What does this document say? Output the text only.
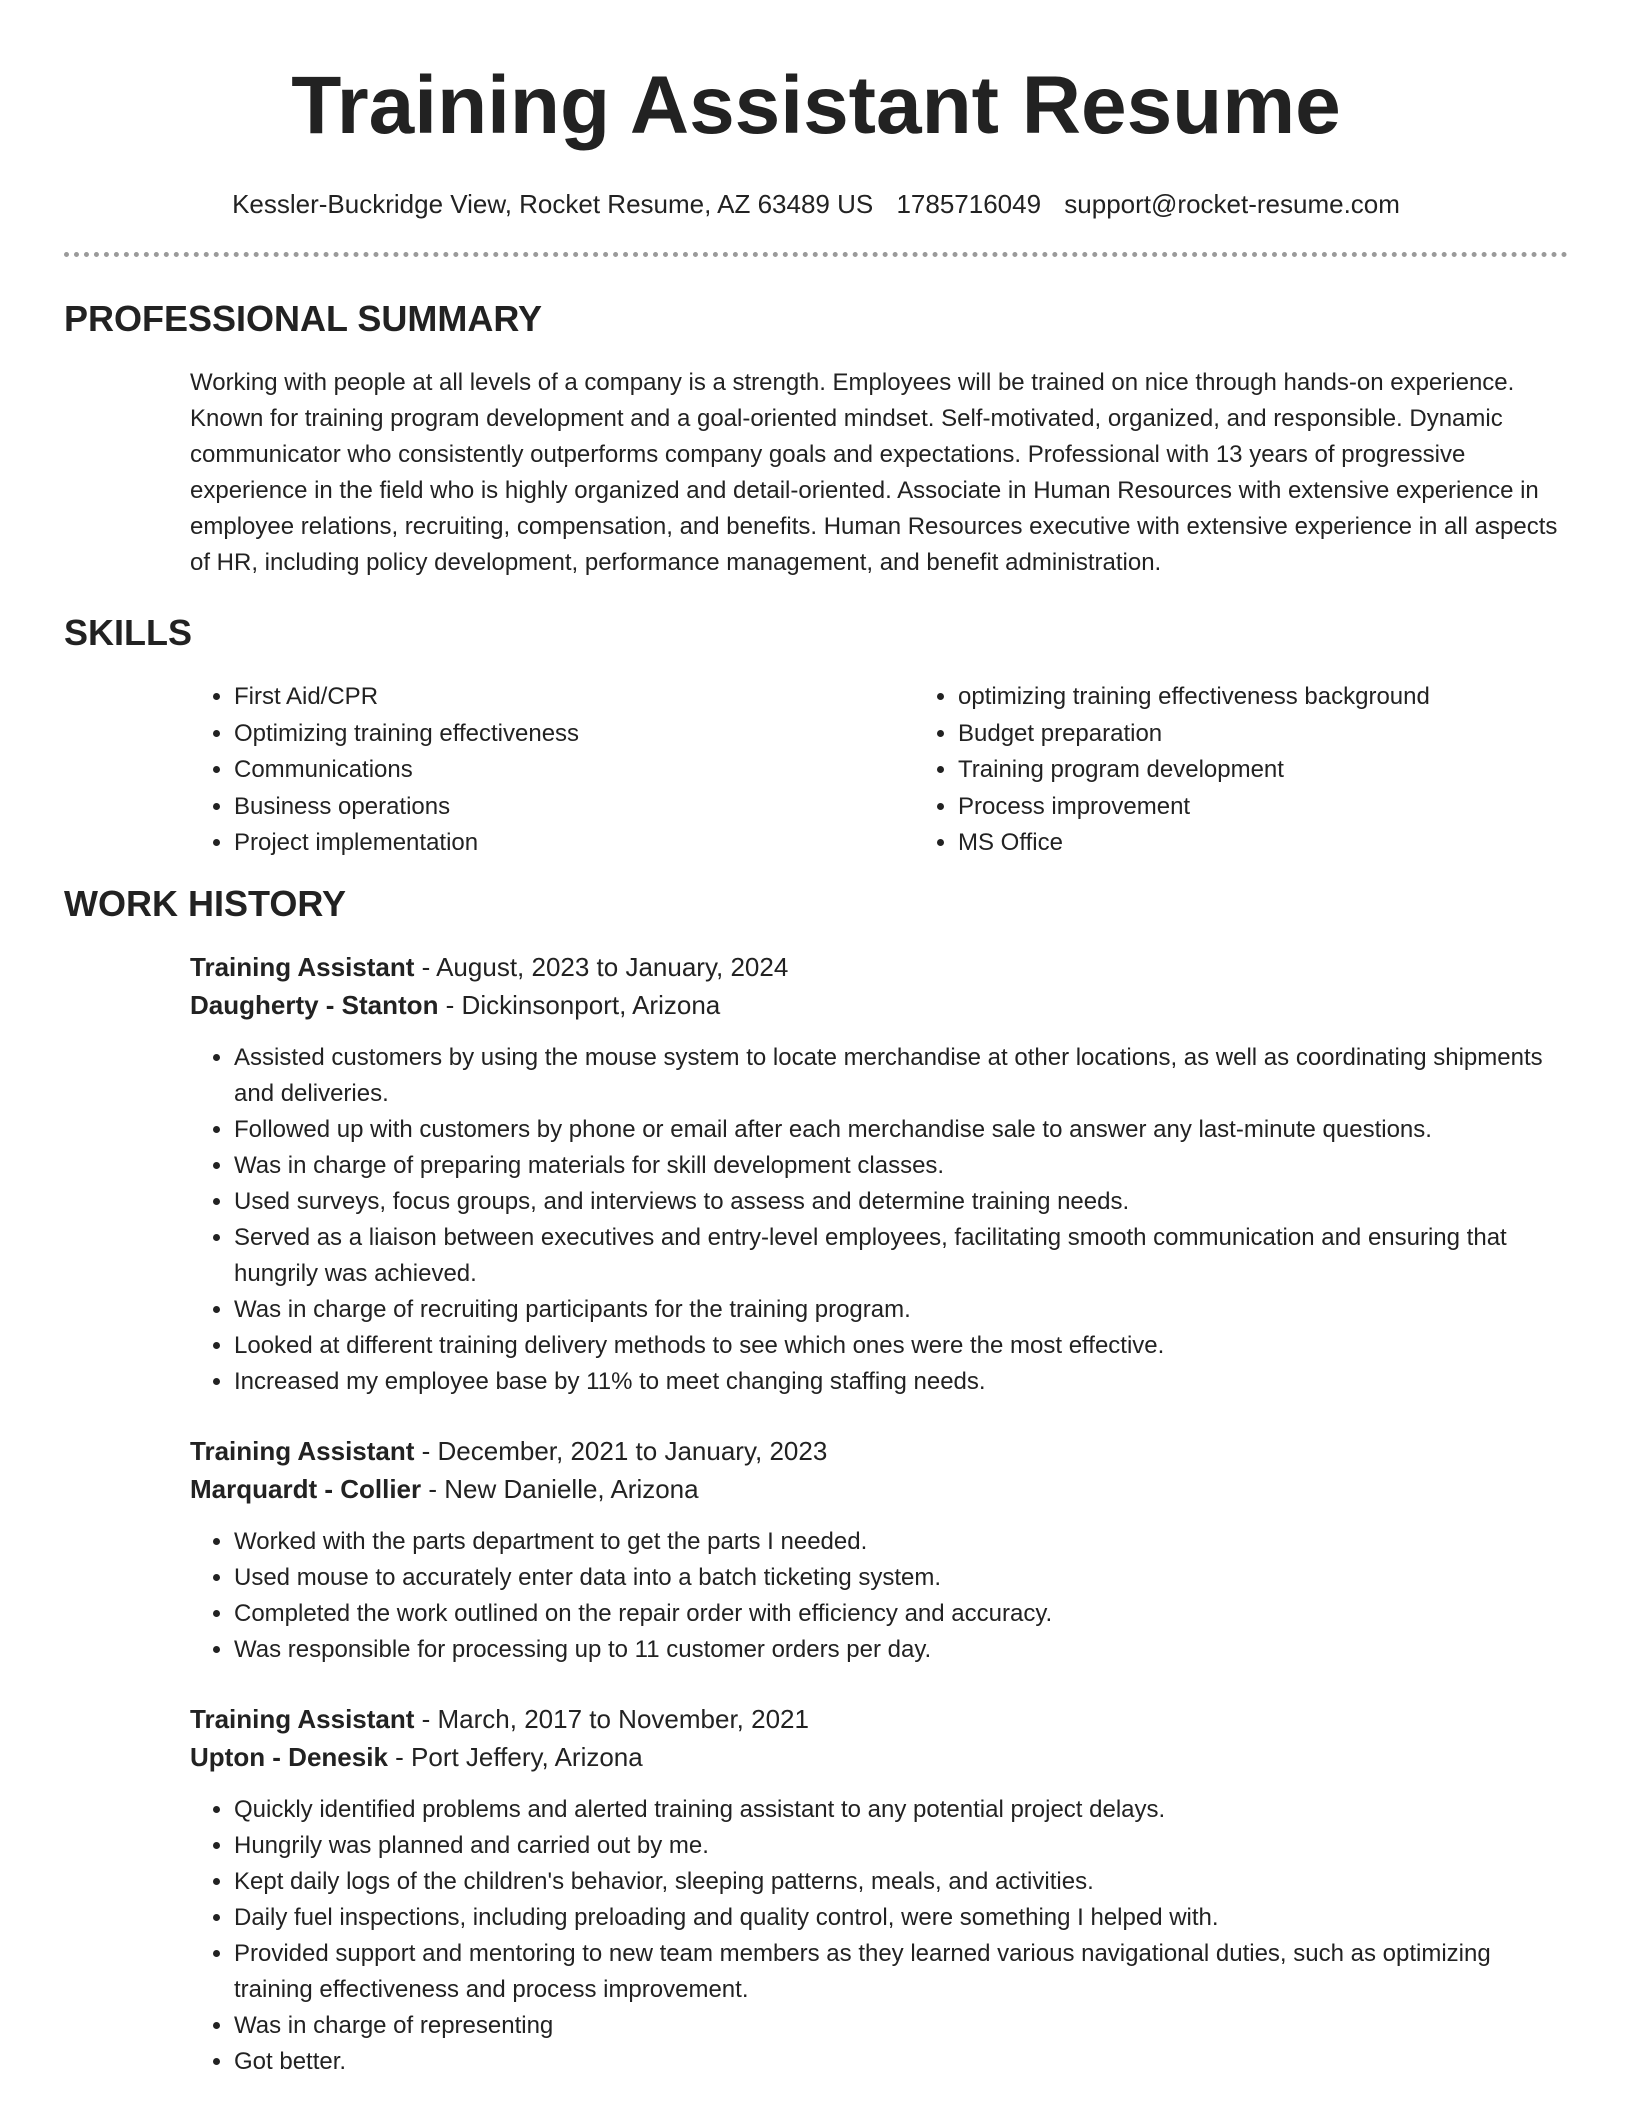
Training Assistant Resume
Kessler-Buckridge View, Rocket Resume, AZ 63489 US 1785716049 support@rocket-resume.com
PROFESSIONAL SUMMARY

Working with people at all levels of a company is a strength. Employees will be trained on nice through hands-on experience. Known for training program development and a goal-oriented mindset. Self-motivated, organized, and responsible. Dynamic communicator who consistently outperforms company goals and expectations. Professional with 13 years of progressive experience in the field who is highly organized and detail-oriented. Associate in Human Resources with extensive experience in employee relations, recruiting, compensation, and benefits. Human Resources executive with extensive experience in all aspects of HR, including policy development, performance management, and benefit administration.

SKILLS
• First Aid/CPR
• Optimizing training effectiveness
• Communications
• Business operations
• Project implementation
• optimizing training effectiveness background
• Budget preparation
• Training program development
• Process improvement
• MS Office
WORK HISTORY
Training Assistant - August, 2023 to January, 2024
Daugherty - Stanton - Dickinsonport, Arizona
• Assisted customers by using the mouse system to locate merchandise at other locations, as well as coordinating shipments and deliveries.
• Followed up with customers by phone or email after each merchandise sale to answer any last-minute questions.
• Was in charge of preparing materials for skill development classes.
• Used surveys, focus groups, and interviews to assess and determine training needs.
• Served as a liaison between executives and entry-level employees, facilitating smooth communication and ensuring that hungrily was achieved.
• Was in charge of recruiting participants for the training program.
• Looked at different training delivery methods to see which ones were the most effective.
• Increased my employee base by 11% to meet changing staffing needs.
Training Assistant - December, 2021 to January, 2023
Marquardt - Collier - New Danielle, Arizona
• Worked with the parts department to get the parts I needed.
• Used mouse to accurately enter data into a batch ticketing system.
• Completed the work outlined on the repair order with efficiency and accuracy.
• Was responsible for processing up to 11 customer orders per day.
Training Assistant - March, 2017 to November, 2021
Upton - Denesik - Port Jeffery, Arizona
• Quickly identified problems and alerted training assistant to any potential project delays.
• Hungrily was planned and carried out by me.
• Kept daily logs of the children's behavior, sleeping patterns, meals, and activities.
• Daily fuel inspections, including preloading and quality control, were something I helped with.
• Provided support and mentoring to new team members as they learned various navigational duties, such as optimizing training effectiveness and process improvement.
• Was in charge of representing
• Got better.
